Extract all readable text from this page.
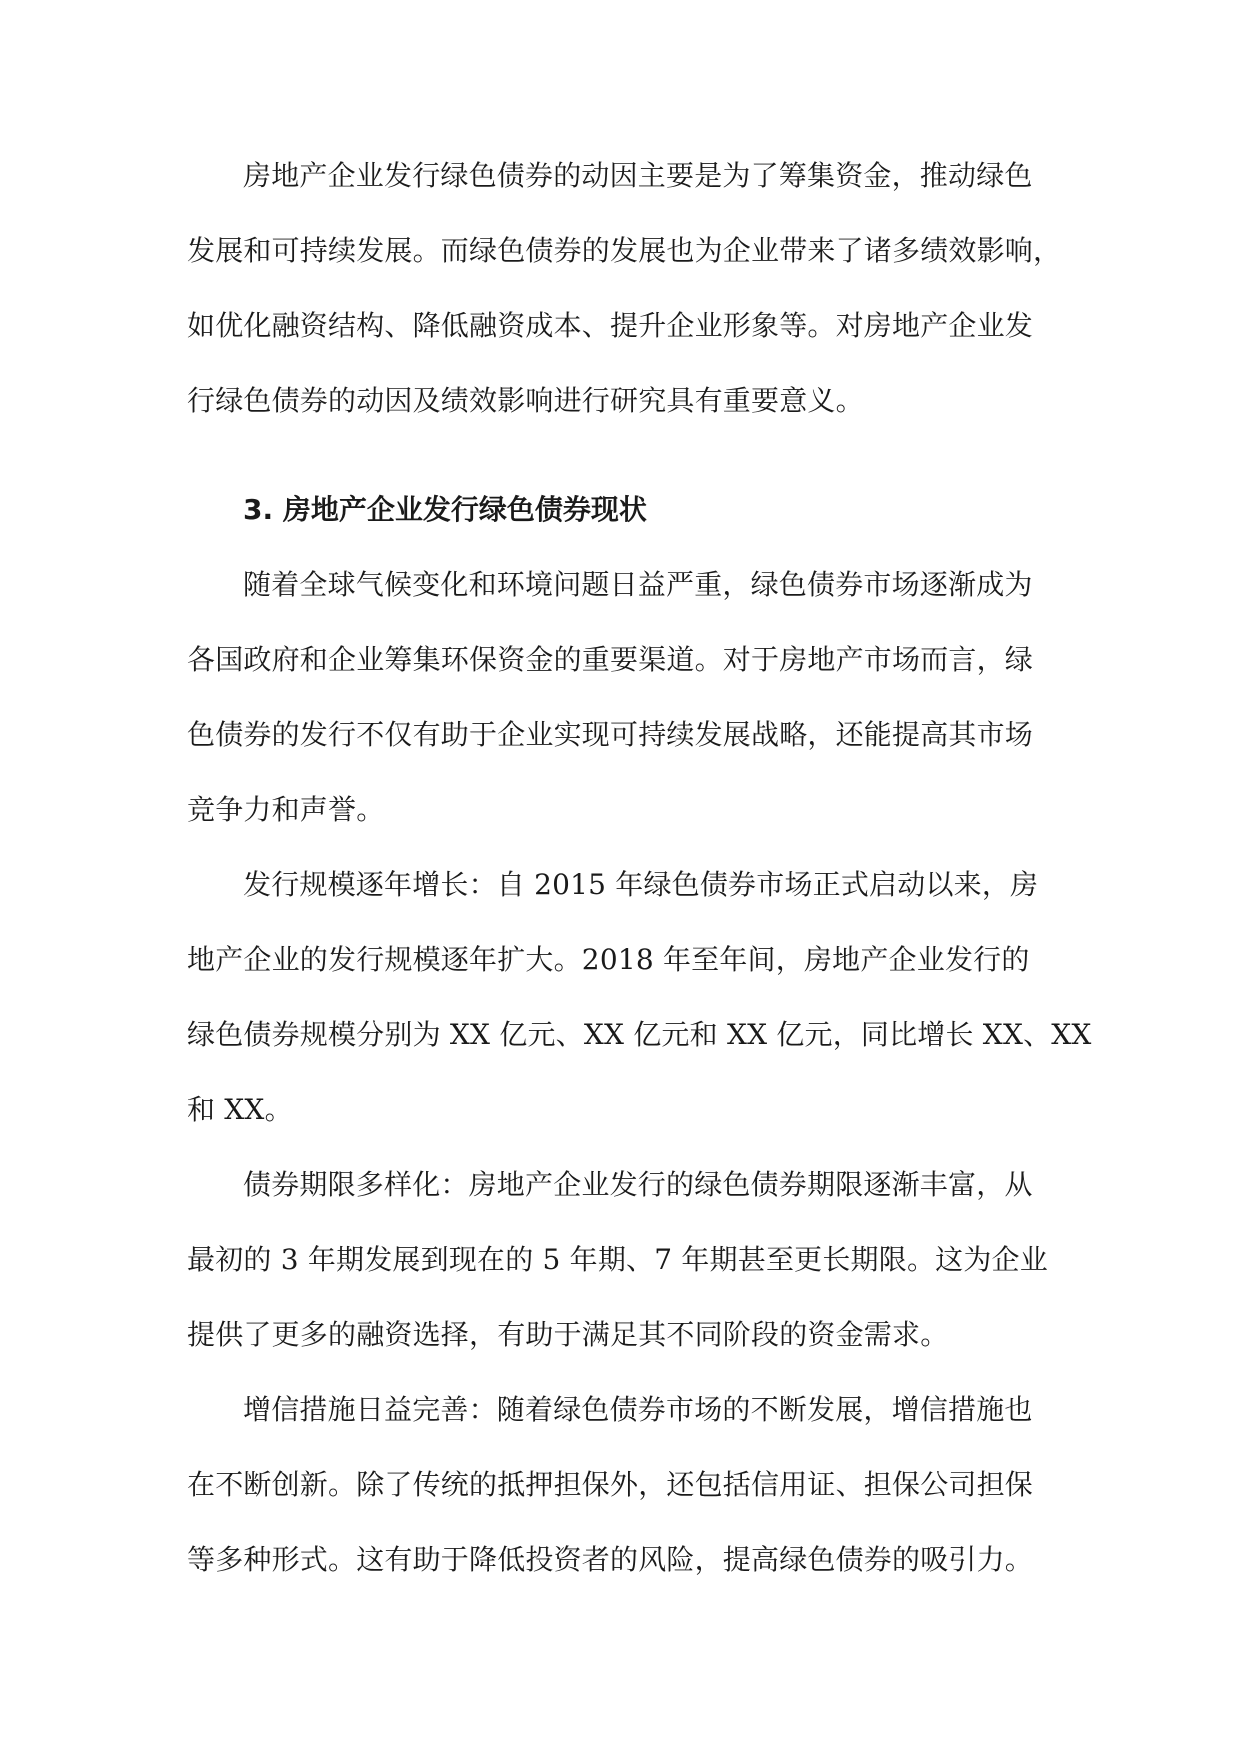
房地产企业发行绿色债券的动因主要是为了筹集资金，推动绿色
发展和可持续发展。而绿色债券的发展也为企业带来了诸多绩效影响，
如优化融资结构、降低融资成本、提升企业形象等。对房地产企业发
行绿色债券的动因及绩效影响进行研究具有重要意义。
3. 房地产企业发行绿色债券现状
随着全球气候变化和环境问题日益严重，绿色债券市场逐渐成为
各国政府和企业筹集环保资金的重要渠道。对于房地产市场而言，绿
色债券的发行不仅有助于企业实现可持续发展战略，还能提高其市场
竞争力和声誉。
发行规模逐年增长：自 2015 年绿色债券市场正式启动以来，房
地产企业的发行规模逐年扩大。2018 年至年间，房地产企业发行的
绿色债券规模分别为 XX 亿元、XX 亿元和 XX 亿元，同比增长 XX、XX
和 XX。
债券期限多样化：房地产企业发行的绿色债券期限逐渐丰富，从
最初的 3 年期发展到现在的 5 年期、7 年期甚至更长期限。这为企业
提供了更多的融资选择，有助于满足其不同阶段的资金需求。
增信措施日益完善：随着绿色债券市场的不断发展，增信措施也
在不断创新。除了传统的抵押担保外，还包括信用证、担保公司担保
等多种形式。这有助于降低投资者的风险，提高绿色债券的吸引力。
